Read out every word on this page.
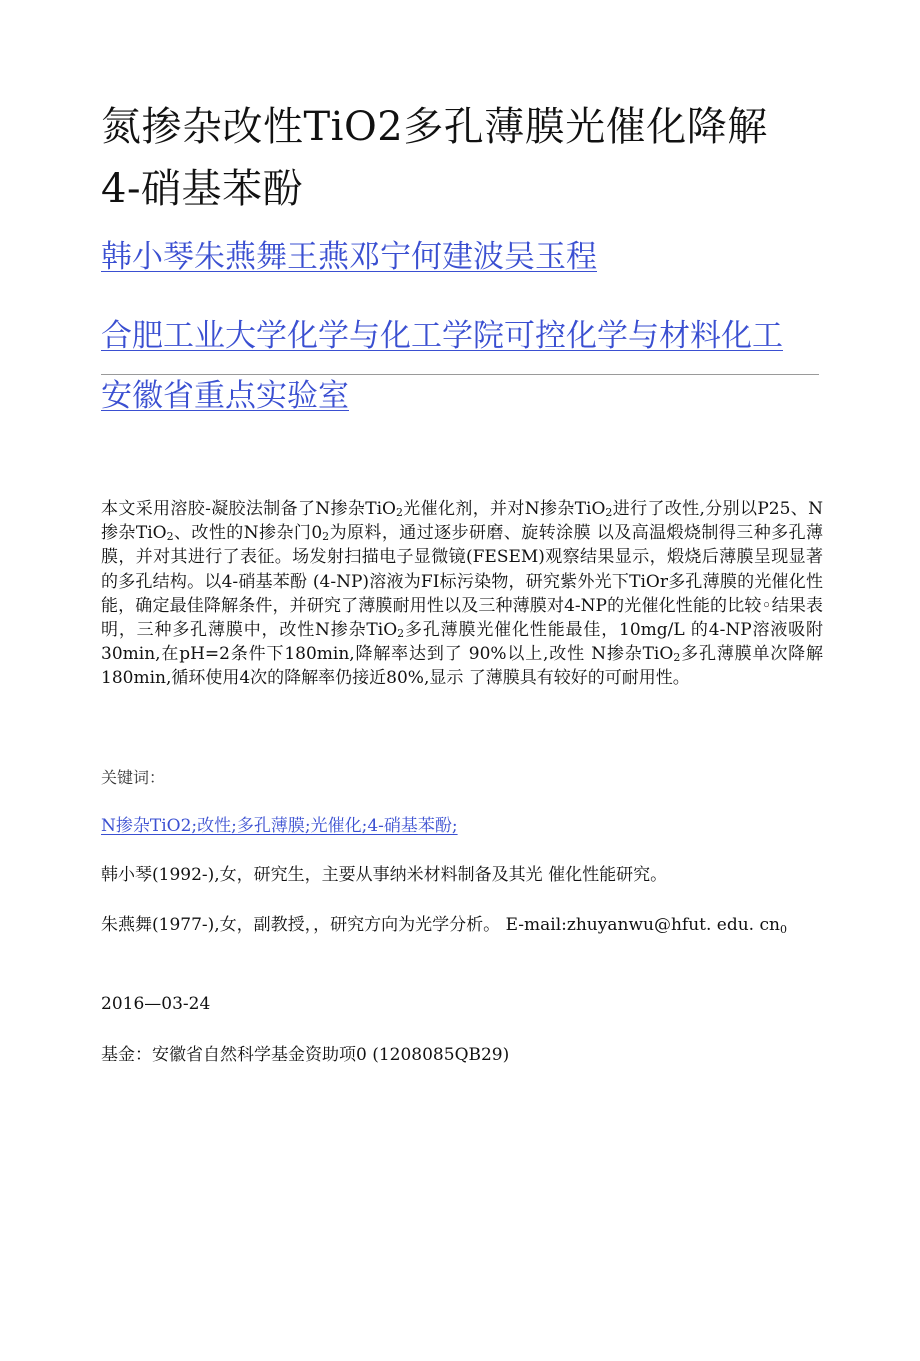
氮掺杂改性TiO2多孔薄膜光催化降解
4-硝基苯酚
韩小琴朱燕舞王燕邓宁何建波吴玉程
合肥工业大学化学与化工学院可控化学与材料化工
安徽省重点实验室

本文采用溶胶-凝胶法制备了N掺杂TiO$_2$光催化剂，并对N掺杂TiO$_2$进行了改性,分别以P25、N掺杂TiO$_2$、改性的N掺杂门$0_2$为原料，通过逐步研磨、旋转涂膜 以及高温煅烧制得三种多孔薄膜，并对其进行了表征。场发射扫描电子显微镜(FESEM)观察结果显示，煅烧后薄膜呈现显著的多孔结构。以4-硝基苯酚 (4-NP)溶液为FI标污染物，研究紫外光下TiOr多孔薄膜的光催化性能，确定最佳降解条件，并研究了薄膜耐用性以及三种薄膜对4-NP的光催化性能的比较◦结果表明，三种多孔薄膜中，改性N掺杂TiO$_2$多孔薄膜光催化性能最佳，10mg/L 的4-NP溶液吸附30min,在pH=2条件下180min,降解率达到了 90%以上,改性 N掺杂TiO$_2$多孔薄膜单次降解180min,循环使用4次的降解率仍接近80%,显示 了薄膜具有较好的可耐用性。

关键词：

N掺杂TiO2;改性;多孔薄膜;光催化;4-硝基苯酚;

韩小琴(1992-),女，研究生，主要从事纳米材料制备及其光 催化性能研究。

朱燕舞(1977-),女，副教授，，研究方向为光学分析。 E-mail:zhuyanwu@hfut. edu. cn0

2016—03-24

基金：安徽省自然科学基金资助项0 (1208085QB29)
